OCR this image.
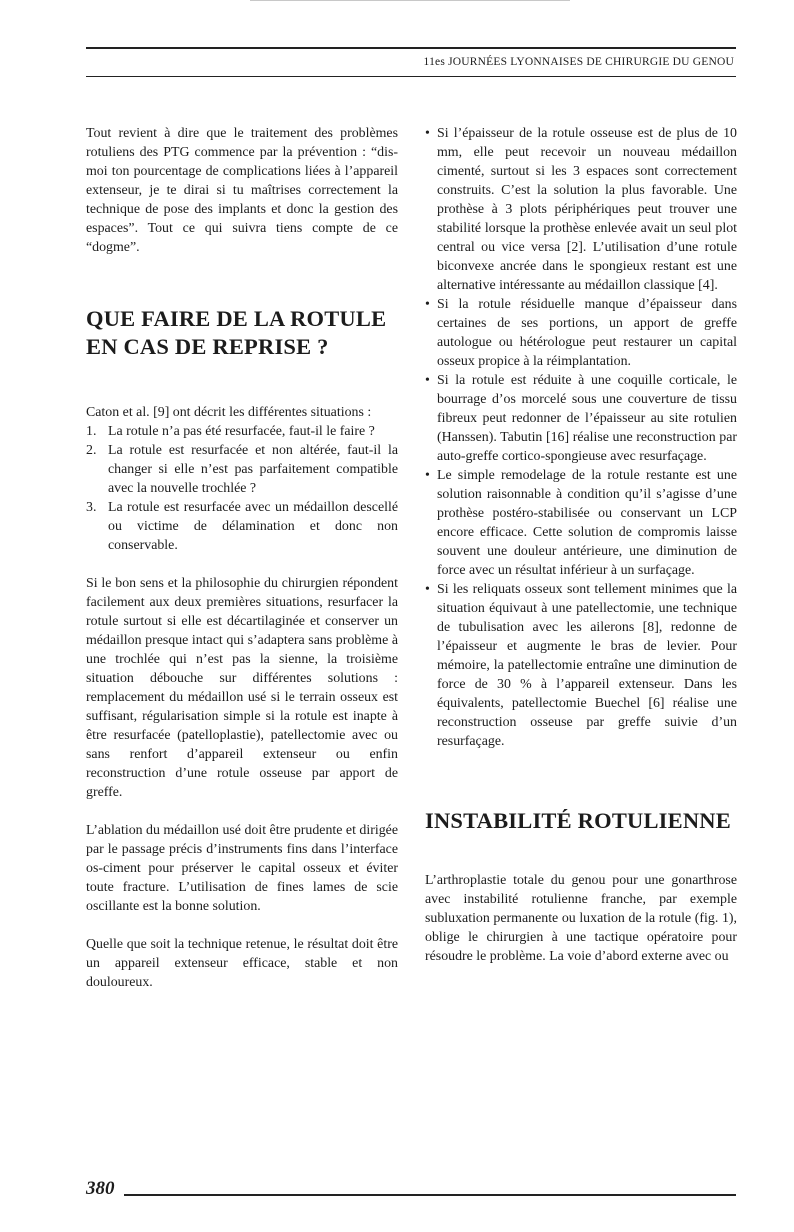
11es JOURNÉES LYONNAISES DE CHIRURGIE DU GENOU

Tout revient à dire que le traitement des problèmes rotuliens des PTG commence par la prévention : “dis-moi ton pourcentage de complications liées à l’appareil extenseur, je te dirai si tu maîtrises correctement la technique de pose des implants et donc la gestion des espaces”. Tout ce qui suivra tiens compte de ce “dogme”.

QUE FAIRE DE LA ROTULE EN CAS DE REPRISE ?

Caton et al. [9] ont décrit les différentes situations :

1. La rotule n’a pas été resurfacée, faut-il le faire ?
2. La rotule est resurfacée et non altérée, faut-il la changer si elle n’est pas parfaitement compatible avec la nouvelle trochlée ?
3. La rotule est resurfacée avec un médaillon descellé ou victime de délamination et donc non conservable.

Si le bon sens et la philosophie du chirurgien répondent facilement aux deux premières situations, resurfacer la rotule surtout si elle est décartilaginée et conserver un médaillon presque intact qui s’adaptera sans problème à une trochlée qui n’est pas la sienne, la troisième situation débouche sur différentes solutions : remplacement du médaillon usé si le terrain osseux est suffisant, régularisation simple si la rotule est inapte à être resurfacée (patelloplastie), patellectomie avec ou sans renfort d’appareil extenseur ou enfin reconstruction d’une rotule osseuse par apport de greffe.

L’ablation du médaillon usé doit être prudente et dirigée par le passage précis d’instruments fins dans l’interface os-ciment pour préserver le capital osseux et éviter toute fracture. L’utilisation de fines lames de scie oscillante est la bonne solution.

Quelle que soit la technique retenue, le résultat doit être un appareil extenseur efficace, stable et non douloureux.

• Si l’épaisseur de la rotule osseuse est de plus de 10 mm, elle peut recevoir un nouveau médaillon cimenté, surtout si les 3 espaces sont correctement construits. C’est la solution la plus favorable. Une prothèse à 3 plots périphériques peut trouver une stabilité lorsque la prothèse enlevée avait un seul plot central ou vice versa [2]. L’utilisation d’une rotule biconvexe ancrée dans le spongieux restant est une alternative intéressante au médaillon classique [4].
• Si la rotule résiduelle manque d’épaisseur dans certaines de ses portions, un apport de greffe autologue ou hétérologue peut restaurer un capital osseux propice à la réimplantation.
• Si la rotule est réduite à une coquille corticale, le bourrage d’os morcelé sous une couverture de tissu fibreux peut redonner de l’épaisseur au site rotulien (Hanssen). Tabutin [16] réalise une reconstruction par auto-greffe cortico-spongieuse avec resurfaçage.
• Le simple remodelage de la rotule restante est une solution raisonnable à condition qu’il s’agisse d’une prothèse postéro-stabilisée ou conservant un LCP encore efficace. Cette solution de compromis laisse souvent une douleur antérieure, une diminution de force avec un résultat inférieur à un surfaçage.
• Si les reliquats osseux sont tellement minimes que la situation équivaut à une patellectomie, une technique de tubulisation avec les ailerons [8], redonne de l’épaisseur et augmente le bras de levier. Pour mémoire, la patellectomie entraîne une diminution de force de 30 % à l’appareil extenseur. Dans les équivalents, patellectomie Buechel [6] réalise une reconstruction osseuse par greffe suivie d’un resurfaçage.
INSTABILITÉ ROTULIENNE

L’arthroplastie totale du genou pour une gonarthrose avec instabilité rotulienne franche, par exemple subluxation permanente ou luxation de la rotule (fig. 1), oblige le chirurgien à une tactique opératoire pour résoudre le problème. La voie d’abord externe avec ou

380
